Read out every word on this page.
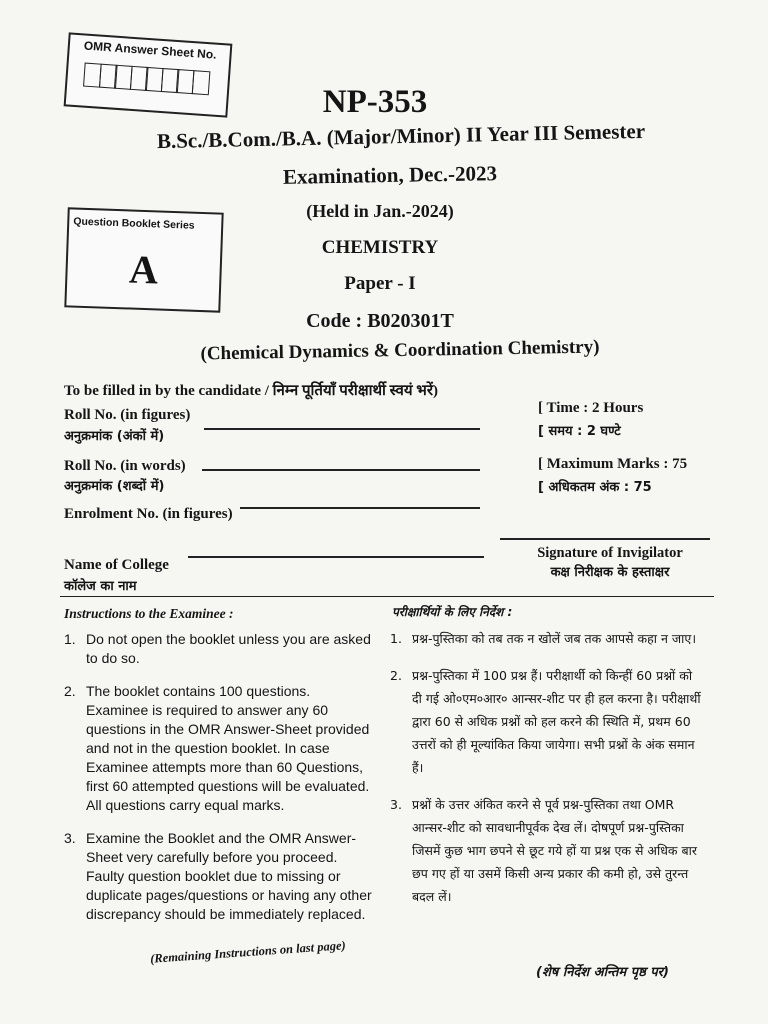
OMR Answer Sheet No.
NP-353
B.Sc./B.Com./B.A. (Major/Minor) II Year III Semester
Examination, Dec.-2023
(Held in Jan.-2024)
CHEMISTRY
Paper - I
Code : B020301T
(Chemical Dynamics & Coordination Chemistry)
Question Booklet Series
A
To be filled in by the candidate / निम्न पूर्तियाँ परीक्षार्थी स्वयं भरें)
Roll No. (in figures)
अनुक्रमांक (अंकों में)
Roll No. (in words)
अनुक्रमांक (शब्दों में)
Enrolment No. (in figures)
Name of College
कॉलेज का नाम
[ Time : 2 Hours
[ समय : 2 घण्टे
[ Maximum Marks : 75
[ अधिकतम अंक : 75
Signature of Invigilator
कक्ष निरीक्षक के हस्ताक्षर
Instructions to the Examinee :	परीक्षार्थियों के लिए निर्देश :
1. Do not open the booklet unless you are asked to do so.
2. The booklet contains 100 questions. Examinee is required to answer any 60 questions in the OMR Answer-Sheet provided and not in the question booklet. In case Examinee attempts more than 60 Questions, first 60 attempted questions will be evaluated. All questions carry equal marks.
3. Examine the Booklet and the OMR Answer-Sheet very carefully before you proceed. Faulty question booklet due to missing or duplicate pages/questions or having any other discrepancy should be immediately replaced.
1. प्रश्न-पुस्तिका को तब तक न खोलें जब तक आपसे कहा न जाए।
2. प्रश्न-पुस्तिका में 100 प्रश्न हैं। परीक्षार्थी को किन्हीं 60 प्रश्नों को दी गई ओ०एम०आर० आन्सर-शीट पर ही हल करना है। परीक्षार्थी द्वारा 60 से अधिक प्रश्नों को हल करने की स्थिति में, प्रथम 60 उत्तरों को ही मूल्यांकित किया जायेगा। सभी प्रश्नों के अंक समान हैं।
3. प्रश्नों के उत्तर अंकित करने से पूर्व प्रश्न-पुस्तिका तथा OMR आन्सर-शीट को सावधानीपूर्वक देख लें। दोषपूर्ण प्रश्न-पुस्तिका जिसमें कुछ भाग छपने से छूट गये हों या प्रश्न एक से अधिक बार छप गए हों या उसमें किसी अन्य प्रकार की कमी हो, उसे तुरन्त बदल लें।
(Remaining Instructions on last page)
(शेष निर्देश अन्तिम पृष्ठ पर)
